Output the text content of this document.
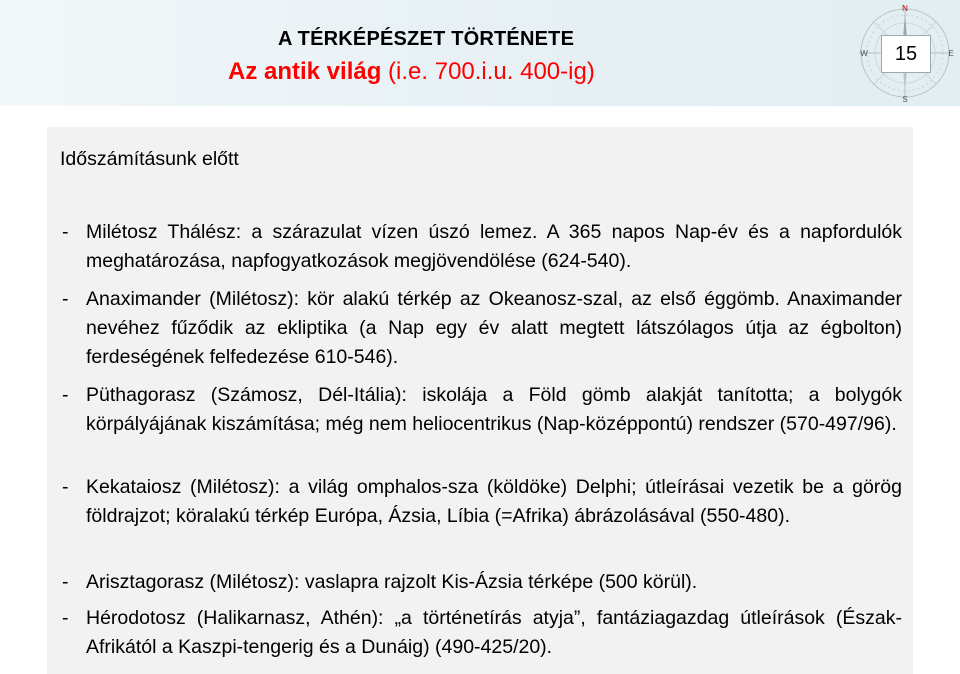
A TÉRKÉPÉSZET TÖRTÉNETE
Az antik világ (i.e. 700.i.u. 400-ig)
N
S
E
W	15
Időszámításunk előtt
- Milétosz Thálész: a szárazulat vízen úszó lemez. A 365 napos Nap-év és a napfordulók meghatározása, napfogyatkozások megjövendölése (624-540).
- Anaximander (Milétosz): kör alakú térkép az Okeanosz-szal, az első éggömb. Anaximander nevéhez fűződik az ekliptika (a Nap egy év alatt megtett látszólagos útja az égbolton) ferdeségének felfedezése 610-546).
- Püthagorasz (Számosz, Dél-Itália): iskolája a Föld gömb alakját tanította; a bolygók körpályájának kiszámítása; még nem heliocentrikus (Nap-középpontú) rendszer (570-497/96).
- Kekataiosz (Milétosz): a világ omphalos-sza (köldöke) Delphi; útleírásai vezetik be a görög földrajzot; köralakú térkép Európa, Ázsia, Líbia (=Afrika) ábrázolásával (550-480).
- Arisztagorasz (Milétosz): vaslapra rajzolt Kis-Ázsia térképe (500 körül).
- Hérodotosz (Halikarnasz, Athén): „a történetírás atyja”, fantáziagazdag útleírások (Észak-Afrikától a Kaszpi-tengerig és a Dunáig) (490-425/20).
